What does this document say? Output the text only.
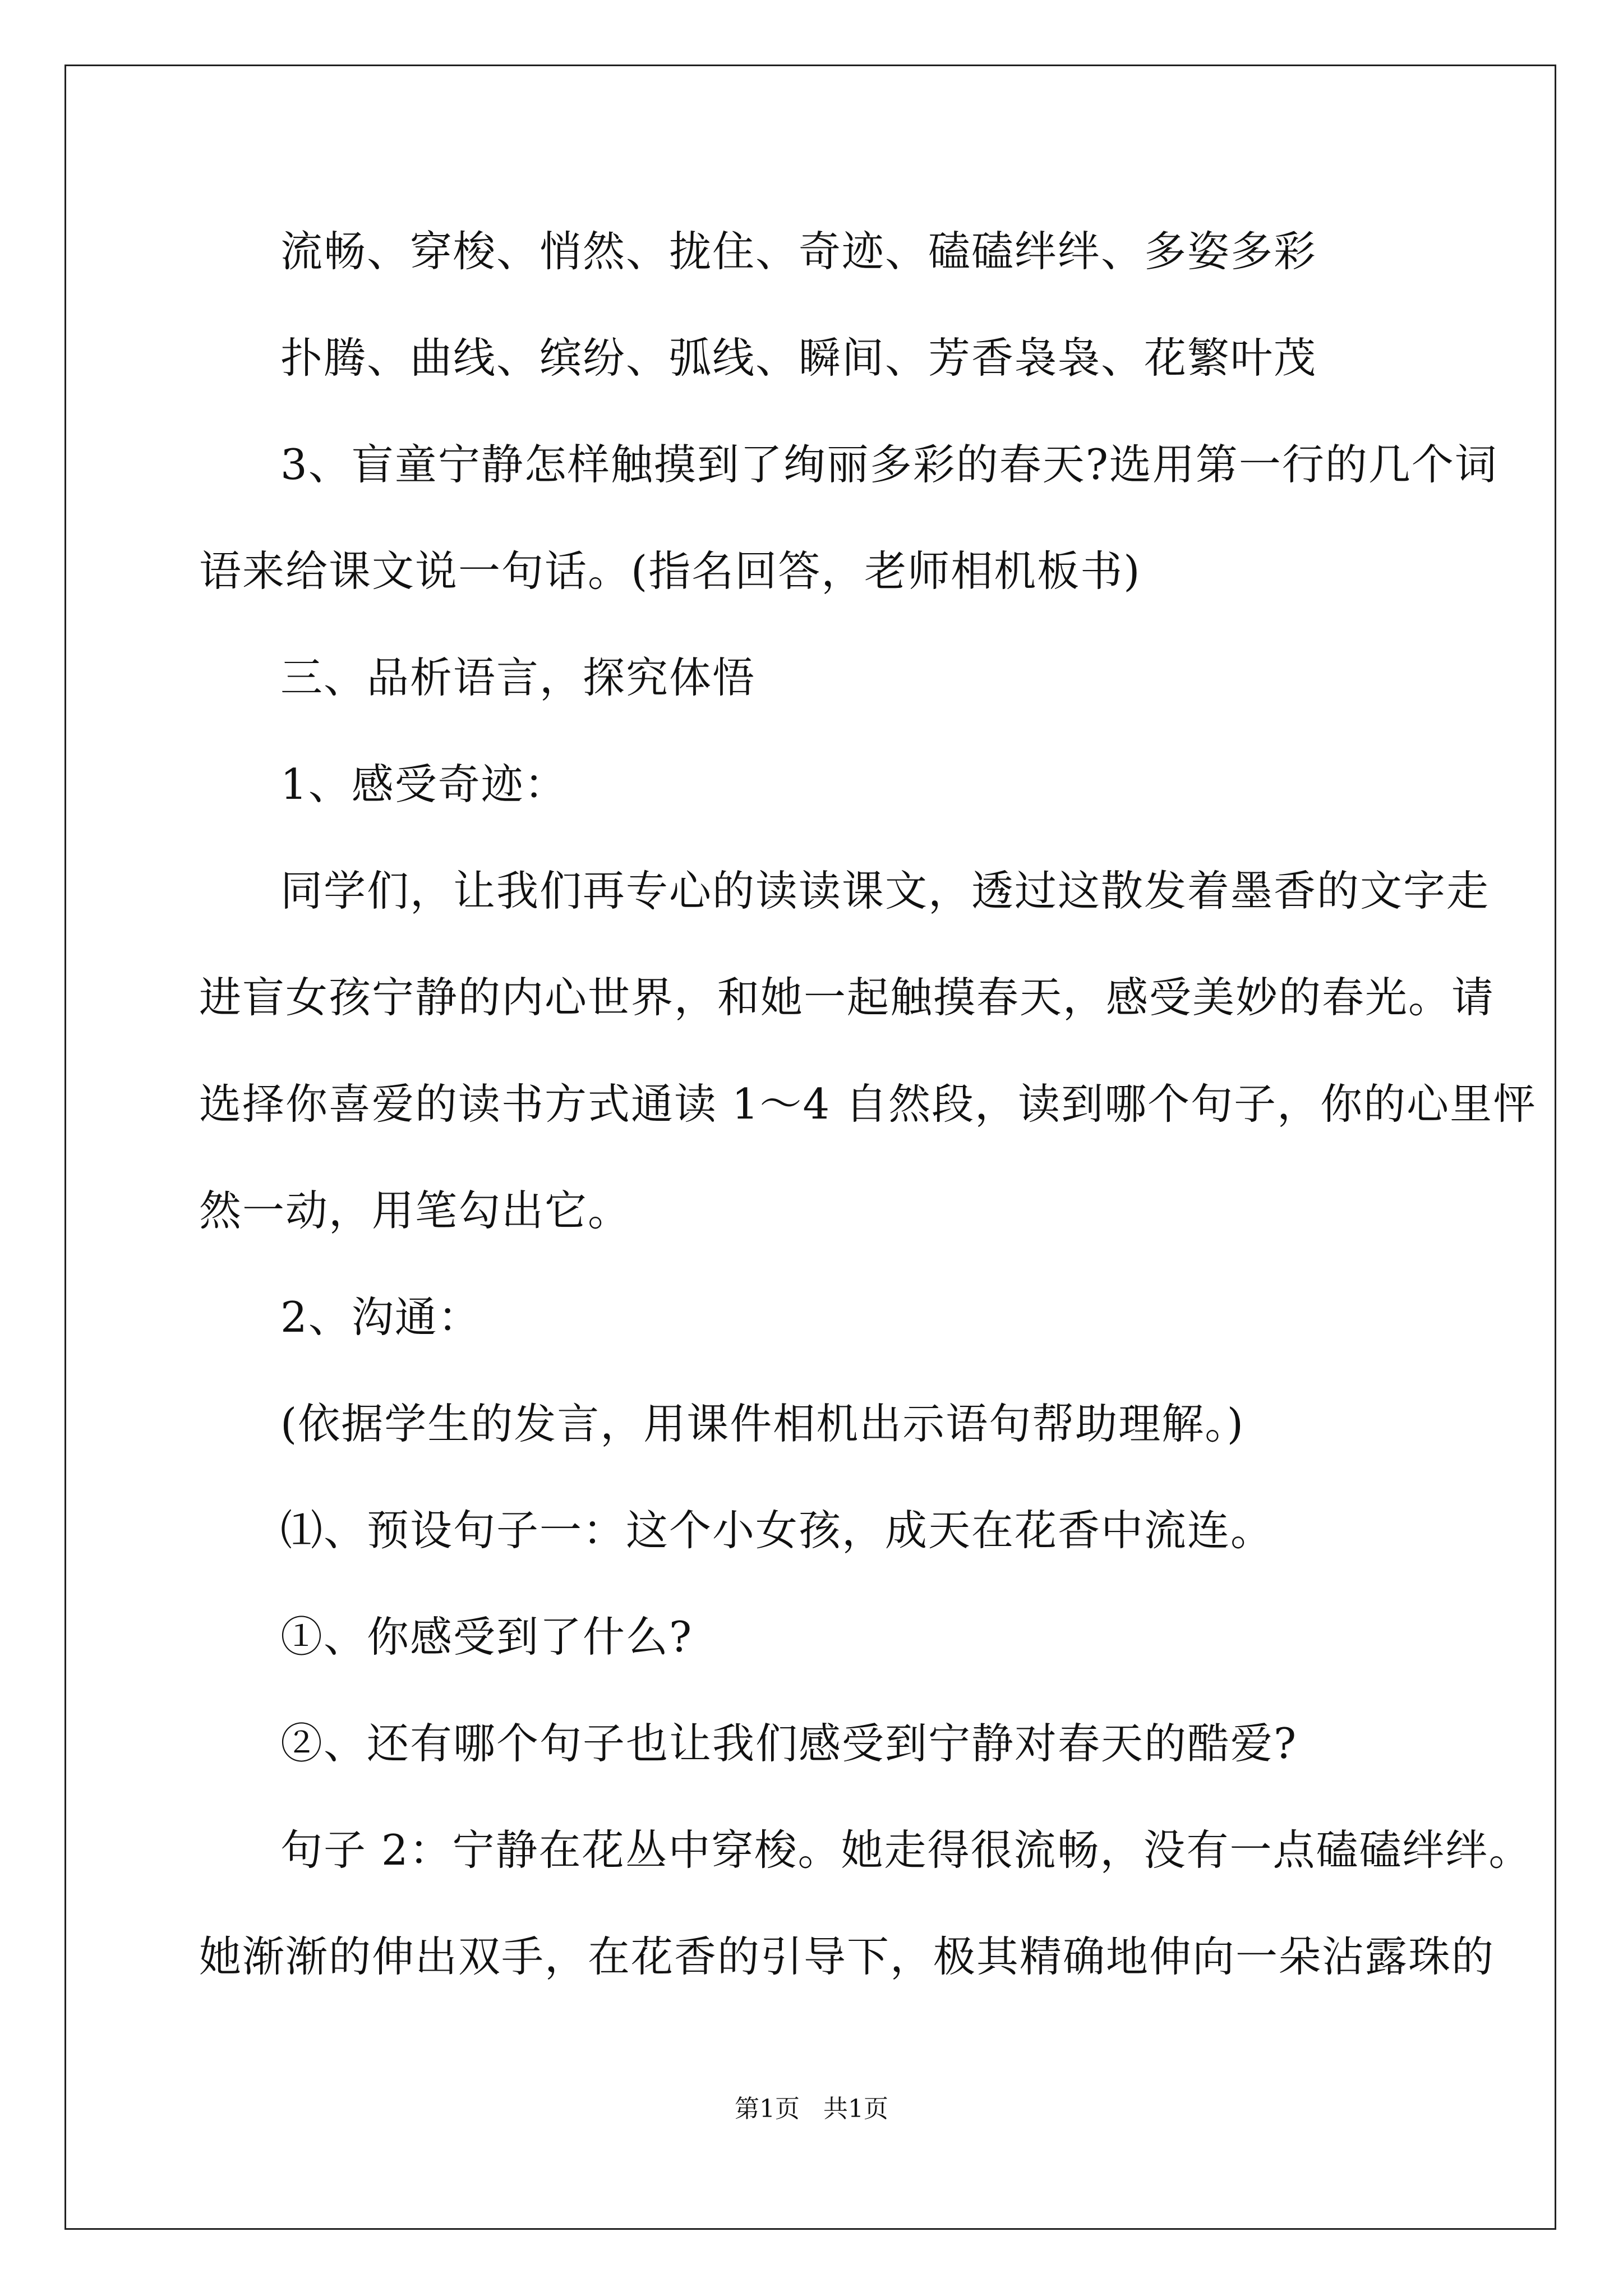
流畅、穿梭、悄然、拢住、奇迹、磕磕绊绊、多姿多彩
扑腾、曲线、缤纷、弧线、瞬间、芳香袅袅、花繁叶茂
3、盲童宁静怎样触摸到了绚丽多彩的春天?选用第一行的几个词
语来给课文说一句话。(指名回答，老师相机板书)
三、品析语言，探究体悟
1、感受奇迹：
同学们，让我们再专心的读读课文，透过这散发着墨香的文字走
进盲女孩宁静的内心世界，和她一起触摸春天，感受美妙的春光。请
选择你喜爱的读书方式通读 1～4 自然段，读到哪个句子，你的心里怦
然一动，用笔勾出它。
2、沟通：
(依据学生的发言，用课件相机出示语句帮助理解。)
⑴、预设句子一：这个小女孩，成天在花香中流连。
①、你感受到了什么?
②、还有哪个句子也让我们感受到宁静对春天的酷爱?
句子 2：宁静在花丛中穿梭。她走得很流畅，没有一点磕磕绊绊。
她渐渐的伸出双手，在花香的引导下，极其精确地伸向一朵沾露珠的
第1页   共1页
